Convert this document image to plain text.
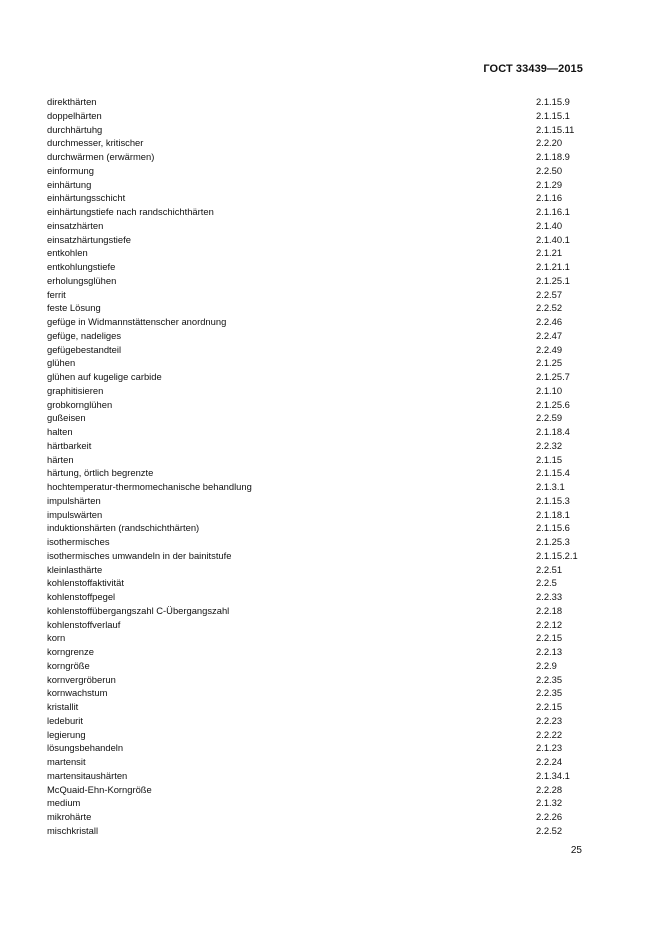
ГОСТ 33439—2015
direkthärten	2.1.15.9
doppelhärten	2.1.15.1
durchhärtuhg	2.1.15.11
durchmesser, kritischer	2.2.20
durchwärmen (erwärmen)	2.1.18.9
einformung	2.2.50
einhärtung	2.1.29
einhärtungsschicht	2.1.16
einhärtungstiefe nach randschichthärten	2.1.16.1
einsatzhärten	2.1.40
einsatzhärtungstiefe	2.1.40.1
entkohlen	2.1.21
entkohlungstiefe	2.1.21.1
erholungsglühen	2.1.25.1
ferrit	2.2.57
feste Lösung	2.2.52
gefüge in Widmannstättenscher anordnung	2.2.46
gefüge, nadeliges	2.2.47
gefügebestandteil	2.2.49
glühen	2.1.25
glühen auf kugelige carbide	2.1.25.7
graphitisieren	2.1.10
grobkornglühen	2.1.25.6
gußeisen	2.2.59
halten	2.1.18.4
härtbarkeit	2.2.32
härten	2.1.15
härtung, örtlich begrenzte	2.1.15.4
hochtemperatur-thermomechanische behandlung	2.1.3.1
impulshärten	2.1.15.3
impulswärten	2.1.18.1
induktionshärten (randschichthärten)	2.1.15.6
isothermisches	2.1.25.3
isothermisches umwandeln in der bainitstufe	2.1.15.2.1
kleinlasthärte	2.2.51
kohlenstoffaktivität	2.2.5
kohlenstoffpegel	2.2.33
kohlenstoffübergangszahl C-Übergangszahl	2.2.18
kohlenstoffverlauf	2.2.12
korn	2.2.15
korngrenze	2.2.13
korngröße	2.2.9
kornvergröberun	2.2.35
kornwachstum	2.2.35
kristallit	2.2.15
ledeburit	2.2.23
legierung	2.2.22
lösungsbehandeln	2.1.23
martensit	2.2.24
martensitaushärten	2.1.34.1
McQuaid-Ehn-Korngröße	2.2.28
medium	2.1.32
mikrohärte	2.2.26
mischkristall	2.2.52
25
